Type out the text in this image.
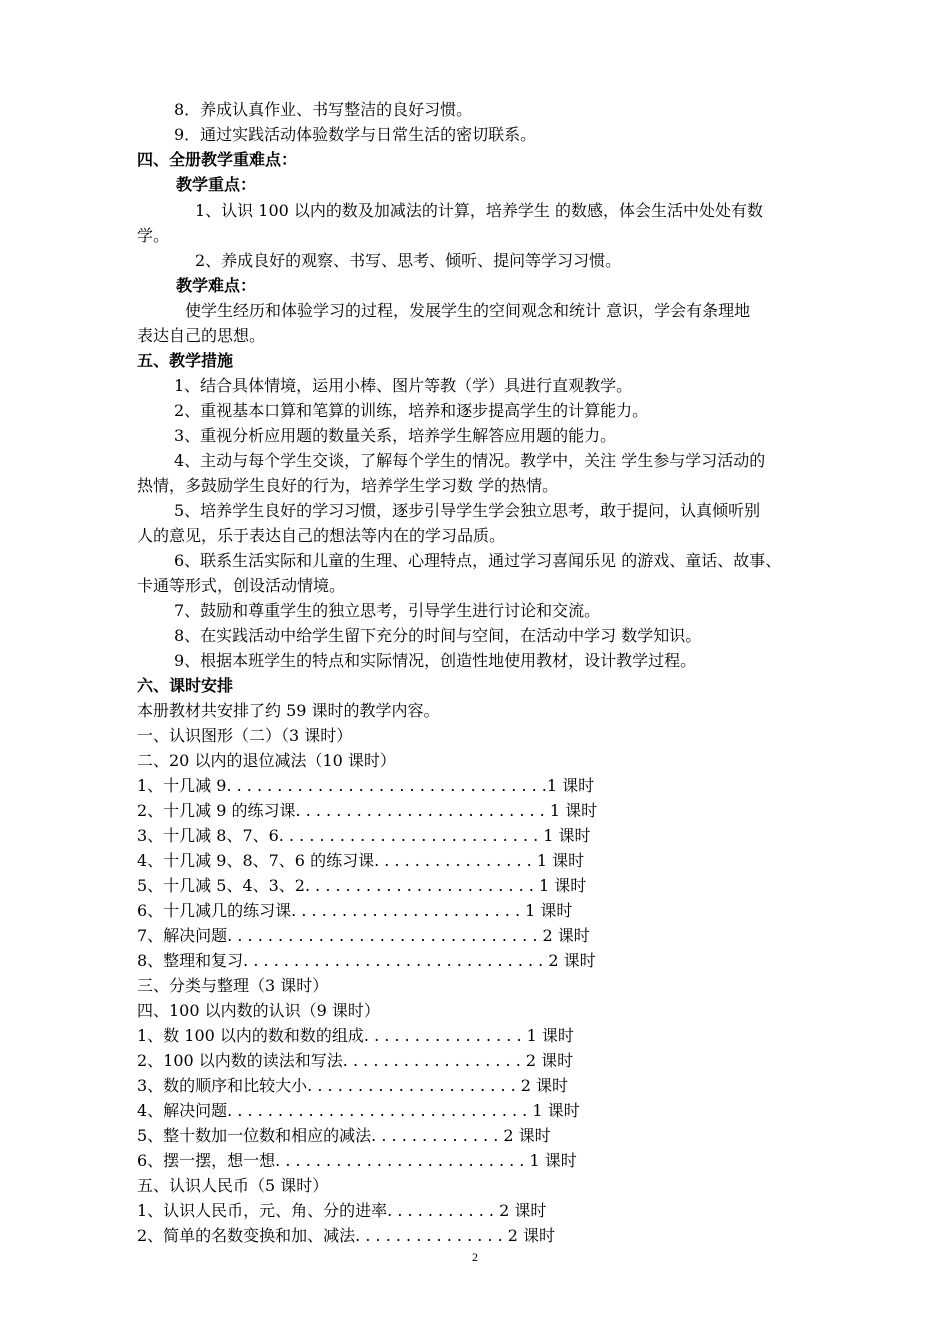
8．养成认真作业、书写整洁的良好习惯。
9．通过实践活动体验数学与日常生活的密切联系。
四、全册教学重难点：
教学重点：
1、认识 100 以内的数及加减法的计算，培养学生 的数感，体会生活中处处有数
学。
2、养成良好的观察、书写、思考、倾听、提问等学习习惯。
教学难点：
使学生经历和体验学习的过程，发展学生的空间观念和统计 意识，学会有条理地
表达自己的思想。
五、教学措施
1、结合具体情境，运用小棒、图片等教（学）具进行直观教学。
2、重视基本口算和笔算的训练，培养和逐步提高学生的计算能力。
3、重视分析应用题的数量关系，培养学生解答应用题的能力。
4、主动与每个学生交谈，了解每个学生的情况。教学中，关注 学生参与学习活动的
热情，多鼓励学生良好的行为，培养学生学习数 学的热情。
5、培养学生良好的学习习惯，逐步引导学生学会独立思考，敢于提问，认真倾听别
人的意见，乐于表达自己的想法等内在的学习品质。
6、联系生活实际和儿童的生理、心理特点，通过学习喜闻乐见 的游戏、童话、故事、
卡通等形式，创设活动情境。
7、鼓励和尊重学生的独立思考，引导学生进行讨论和交流。
8、在实践活动中给学生留下充分的时间与空间，在活动中学习 数学知识。
9、根据本班学生的特点和实际情况，创造性地使用教材，设计教学过程。
六、课时安排
本册教材共安排了约 59 课时的教学内容。
一、认识图形（二）（3 课时）
二、20 以内的退位减法（10 课时）
1、十几减 9. . . . . . . . . . . . . . . . . . . . . . . . . . . . . . . .1 课时
2、十几减 9 的练习课. . . . . . . . . . . . . . . . . . . . . . . . . 1 课时
3、十几减 8、7、6. . . . . . . . . . . . . . . . . . . . . . . . . . 1 课时
4、十几减 9、8、7、6 的练习课. . . . . . . . . . . . . . . . 1 课时
5、十几减 5、4、3、2. . . . . . . . . . . . . . . . . . . . . . . 1 课时
6、十几减几的练习课. . . . . . . . . . . . . . . . . . . . . . . 1 课时
7、解决问题. . . . . . . . . . . . . . . . . . . . . . . . . . . . . . . 2 课时
8、整理和复习. . . . . . . . . . . . . . . . . . . . . . . . . . . . . . 2 课时
三、分类与整理（3 课时）
四、100 以内数的认识（9 课时）
1、数 100 以内的数和数的组成. . . . . . . . . . . . . . . . 1 课时
2、100 以内数的读法和写法. . . . . . . . . . . . . . . . . . 2 课时
3、数的顺序和比较大小. . . . . . . . . . . . . . . . . . . . . 2 课时
4、解决问题. . . . . . . . . . . . . . . . . . . . . . . . . . . . . . 1 课时
5、整十数加一位数和相应的减法. . . . . . . . . . . . . 2 课时
6、摆一摆，想一想. . . . . . . . . . . . . . . . . . . . . . . . . 1 课时
五、认识人民币（5 课时）
1、认识人民币，元、角、分的进率. . . . . . . . . . . 2 课时
2、简单的名数变换和加、减法. . . . . . . . . . . . . . . 2 课时
2
